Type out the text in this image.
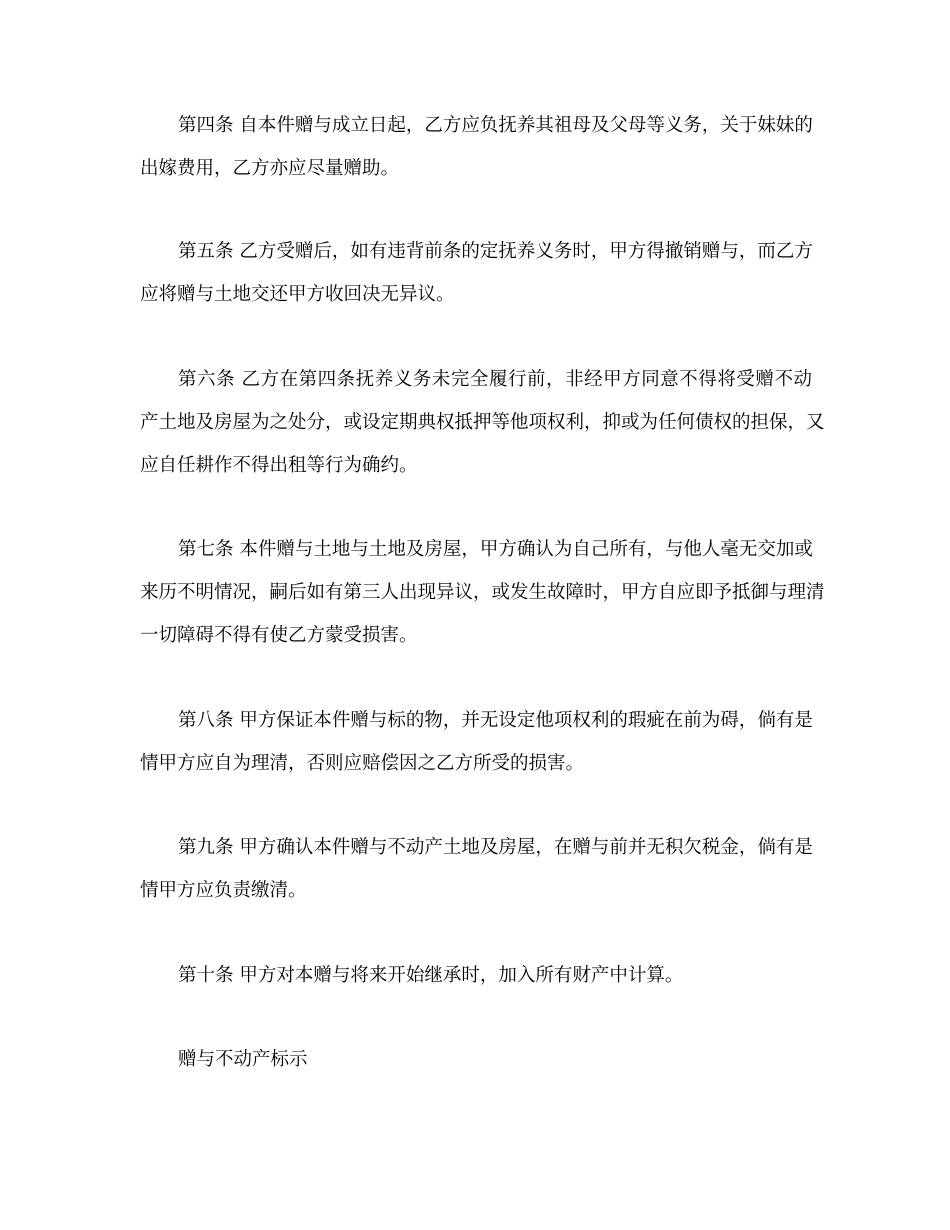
第四条 自本件赠与成立日起，乙方应负抚养其祖母及父母等义务，关于妹妹的
出嫁费用，乙方亦应尽量赠助。
第五条 乙方受赠后，如有违背前条的定抚养义务时，甲方得撤销赠与，而乙方
应将赠与土地交还甲方收回决无异议。
第六条 乙方在第四条抚养义务未完全履行前，非经甲方同意不得将受赠不动
产土地及房屋为之处分，或设定期典权抵押等他项权利，抑或为任何债权的担保，又
应自任耕作不得出租等行为确约。
第七条 本件赠与土地与土地及房屋，甲方确认为自己所有，与他人毫无交加或
来历不明情况，嗣后如有第三人出现异议，或发生故障时，甲方自应即予抵御与理清
一切障碍不得有使乙方蒙受损害。
第八条 甲方保证本件赠与标的物，并无设定他项权利的瑕疵在前为碍，倘有是
情甲方应自为理清，否则应赔偿因之乙方所受的损害。
第九条 甲方确认本件赠与不动产土地及房屋，在赠与前并无积欠税金，倘有是
情甲方应负责缴清。
第十条 甲方对本赠与将来开始继承时，加入所有财产中计算。
赠与不动产标示
